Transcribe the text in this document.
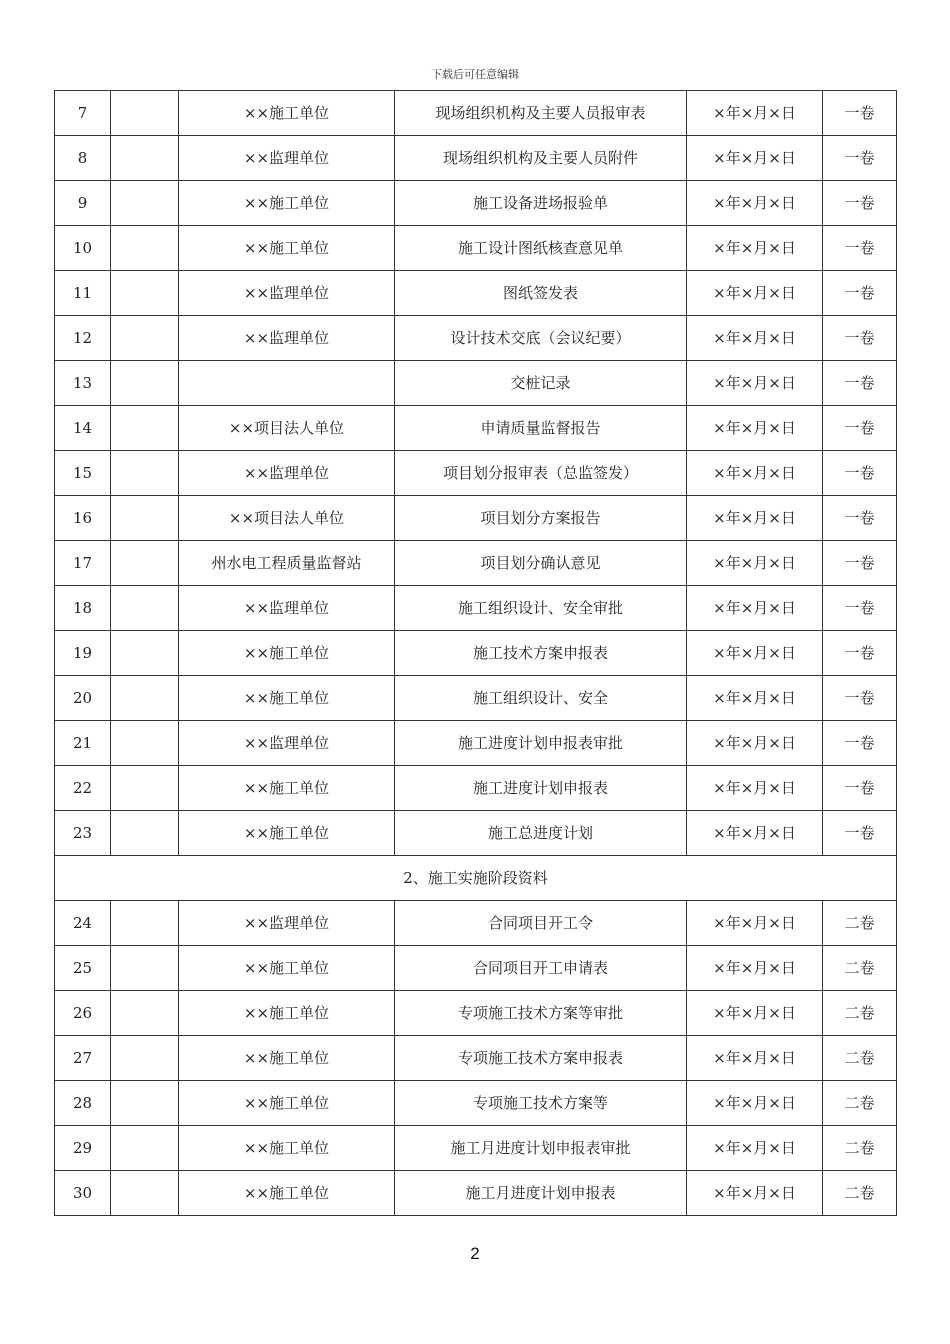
下载后可任意编辑
7		××施工单位	现场组织机构及主要人员报审表	×年×月×日	一卷
8		××监理单位	现场组织机构及主要人员附件	×年×月×日	一卷
9		××施工单位	施工设备进场报验单	×年×月×日	一卷
10		××施工单位	施工设计图纸核查意见单	×年×月×日	一卷
11		××监理单位	图纸签发表	×年×月×日	一卷
12		××监理单位	设计技术交底（会议纪要）	×年×月×日	一卷
13			交桩记录	×年×月×日	一卷
14		××项目法人单位	申请质量监督报告	×年×月×日	一卷
15		××监理单位	项目划分报审表（总监签发）	×年×月×日	一卷
16		××项目法人单位	项目划分方案报告	×年×月×日	一卷
17		州水电工程质量监督站	项目划分确认意见	×年×月×日	一卷
18		××监理单位	施工组织设计、安全审批	×年×月×日	一卷
19		××施工单位	施工技术方案申报表	×年×月×日	一卷
20		××施工单位	施工组织设计、安全	×年×月×日	一卷
21		××监理单位	施工进度计划申报表审批	×年×月×日	一卷
22		××施工单位	施工进度计划申报表	×年×月×日	一卷
23		××施工单位	施工总进度计划	×年×月×日	一卷
2、施工实施阶段资料					
24		××监理单位	合同项目开工令	×年×月×日	二卷
25		××施工单位	合同项目开工申请表	×年×月×日	二卷
26		××施工单位	专项施工技术方案等审批	×年×月×日	二卷
27		××施工单位	专项施工技术方案申报表	×年×月×日	二卷
28		××施工单位	专项施工技术方案等	×年×月×日	二卷
29		××施工单位	施工月进度计划申报表审批	×年×月×日	二卷
30		××施工单位	施工月进度计划申报表	×年×月×日	二卷
2
